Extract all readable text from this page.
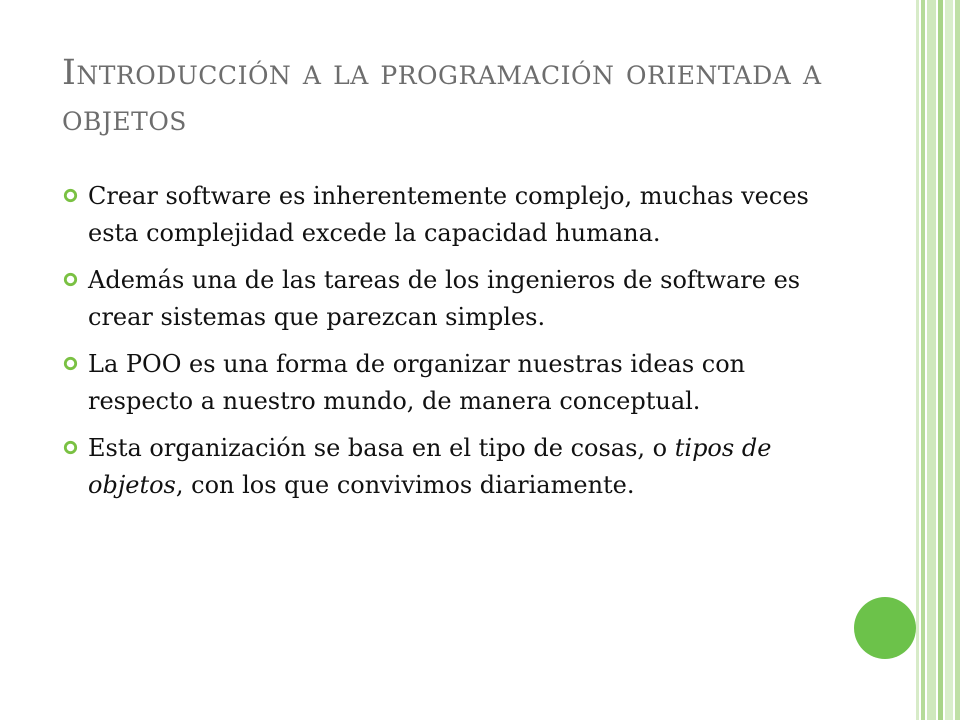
Introducción a la programación orientada a objetos
Crear software es inherentemente complejo, muchas veces esta complejidad excede la capacidad humana.
Además una de las tareas de los ingenieros de software es crear sistemas que parezcan simples.
La POO es una forma de organizar nuestras ideas con respecto a nuestro mundo, de manera conceptual.
Esta organización se basa en el tipo de cosas, o tipos de objetos, con los que convivimos diariamente.
